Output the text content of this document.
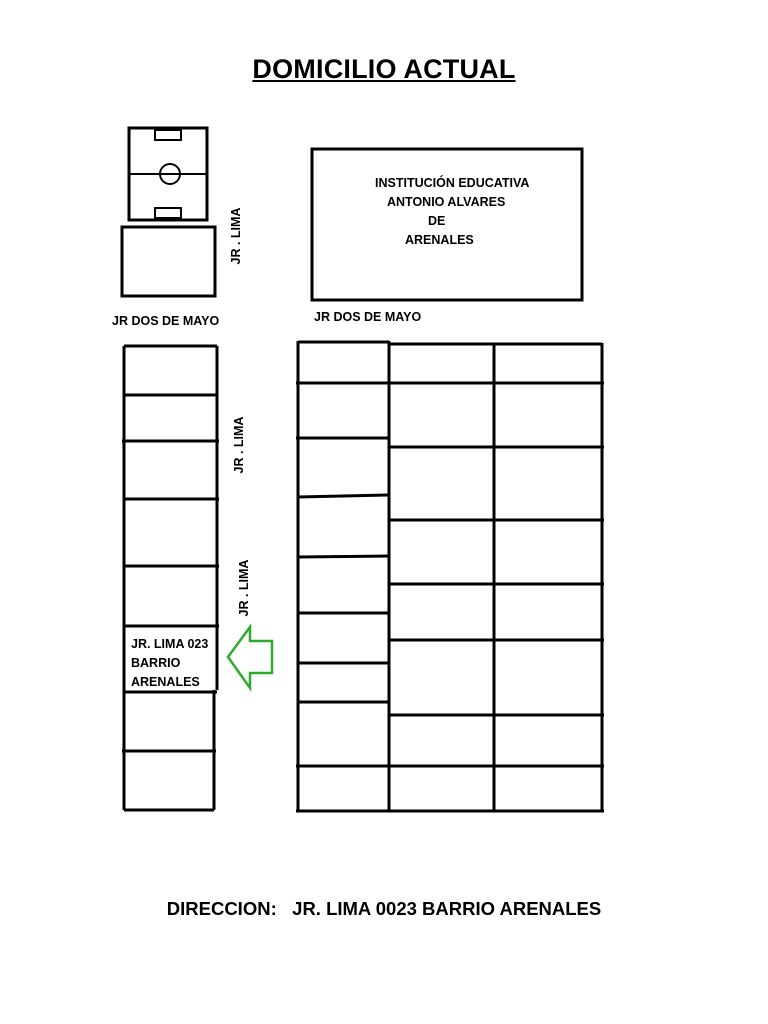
DOMICILIO ACTUAL
INSTITUCIÓN EDUCATIVA
ANTONIO ALVARES
DE
ARENALES
JR DOS DE MAYO	JR DOS DE MAYO
JR . LIMA
JR . LIMA
JR . LIMA
JR. LIMA 023
BARRIO
ARENALES
DIRECCION:   JR. LIMA 0023 BARRIO ARENALES
